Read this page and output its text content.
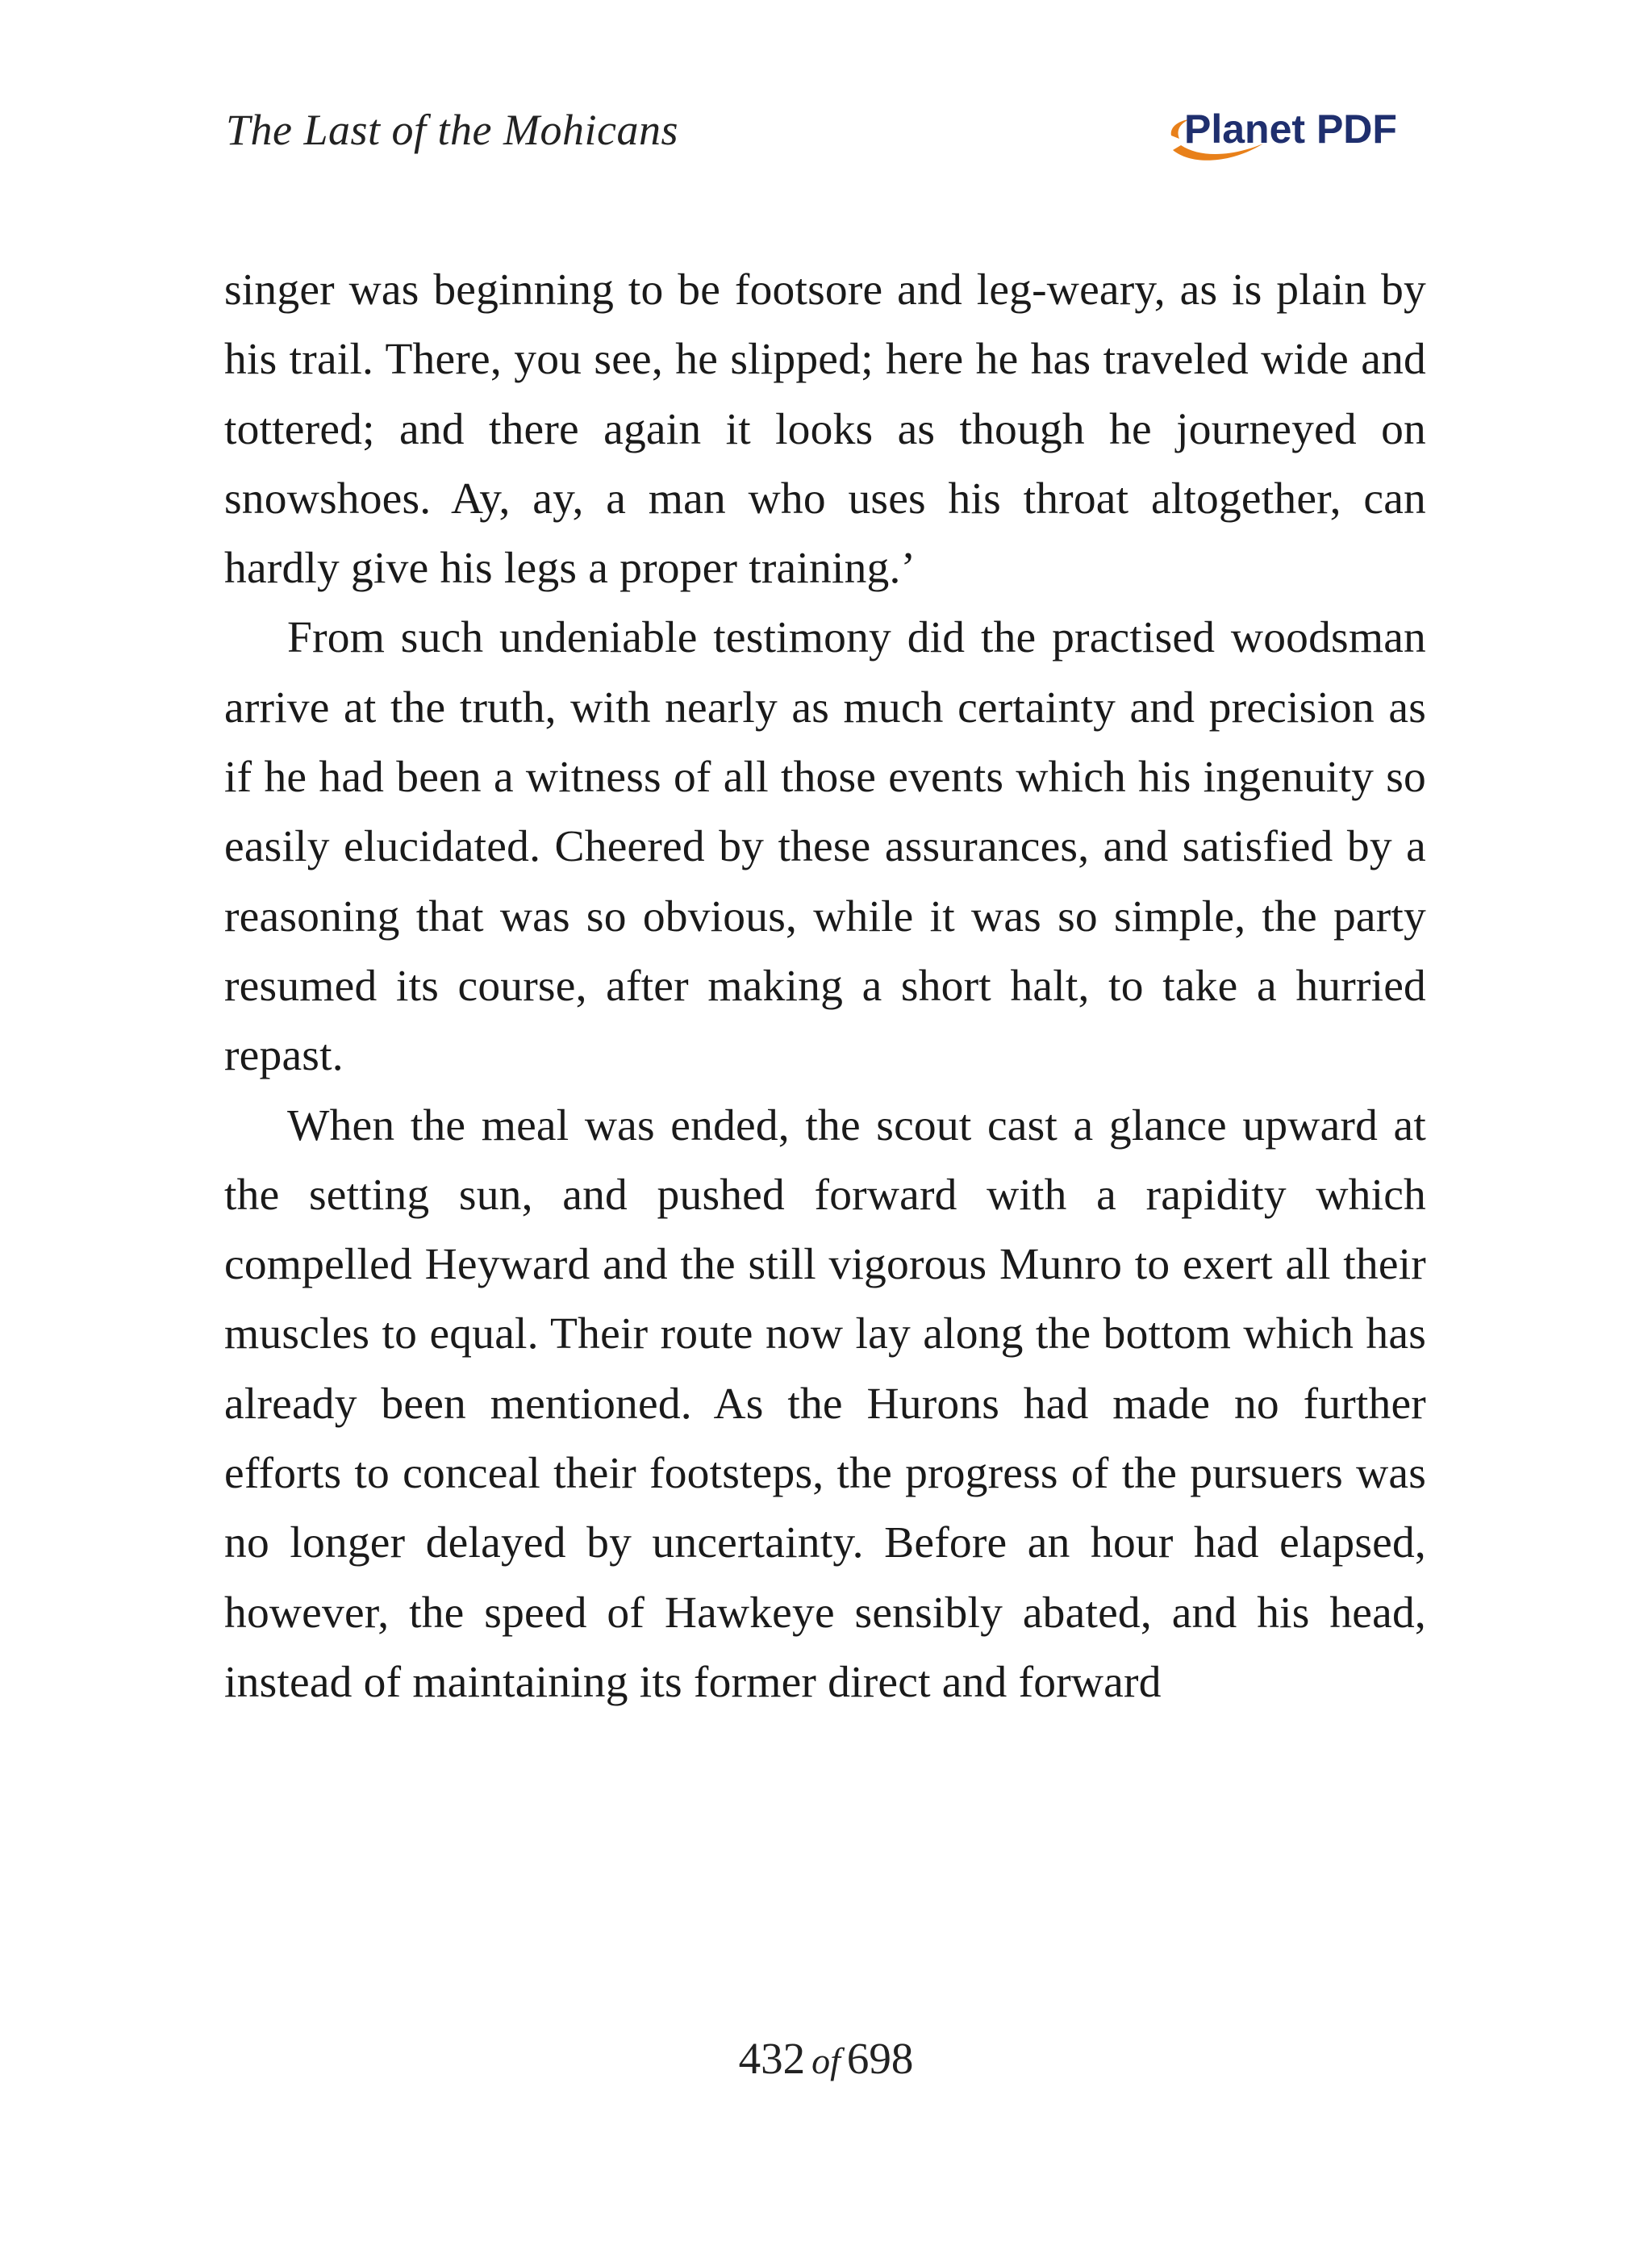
The Last of the Mohicans	Planet PDF

singer was beginning to be footsore and leg-weary, as is plain by his trail. There, you see, he slipped; here he has traveled wide and tottered; and there again it looks as though he journeyed on snowshoes. Ay, ay, a man who uses his throat altogether, can hardly give his legs a proper training.’

From such undeniable testimony did the practised woodsman arrive at the truth, with nearly as much certainty and precision as if he had been a witness of all those events which his ingenuity so easily elucidated. Cheered by these assurances, and satisfied by a reasoning that was so obvious, while it was so simple, the party resumed its course, after making a short halt, to take a hurried repast.

When the meal was ended, the scout cast a glance upward at the setting sun, and pushed forward with a rapidity which compelled Heyward and the still vigorous Munro to exert all their muscles to equal. Their route now lay along the bottom which has already been mentioned. As the Hurons had made no further efforts to conceal their footsteps, the progress of the pursuers was no longer delayed by uncertainty. Before an hour had elapsed, however, the speed of Hawkeye sensibly abated, and his head, instead of maintaining its former direct and forward

432 of 698
